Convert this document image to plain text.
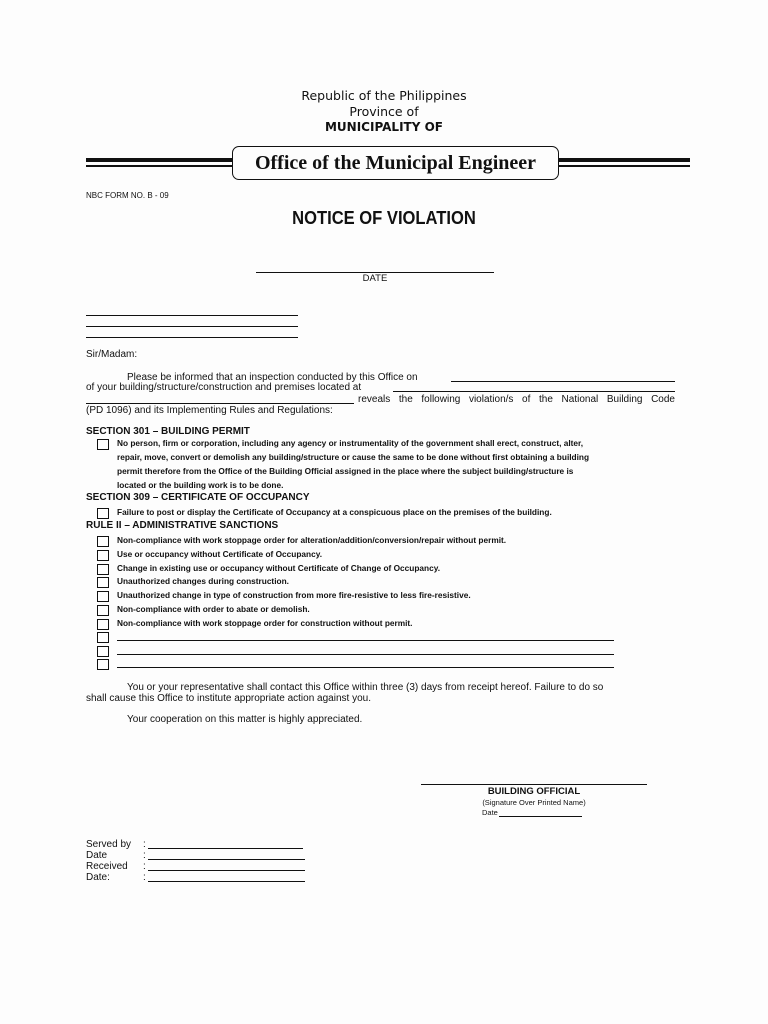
Republic of the Philippines
Province of
MUNICIPALITY OF
Office of the Municipal Engineer
NBC FORM NO. B - 09
NOTICE OF VIOLATION
DATE
Sir/Madam:
Please be informed that an inspection conducted by this Office on
of your building/structure/construction and premises located at
reveals the following violation/s of the National Building Code
(PD 1096) and its Implementing Rules and Regulations:
SECTION 301 – BUILDING PERMIT
No person, firm or corporation, including any agency or instrumentality of the government shall erect, construct, alter,
repair, move, convert or demolish any building/structure or cause the same to be done without first obtaining a building
permit therefore from the Office of the Building Official assigned in the place where the subject building/structure is
located or the building work is to be done.
SECTION 309 – CERTIFICATE OF OCCUPANCY
Failure to post or display the Certificate of Occupancy at a conspicuous place on the premises of the building.
RULE II – ADMINISTRATIVE SANCTIONS
Non-compliance with work stoppage order for alteration/addition/conversion/repair without permit.
Use or occupancy without Certificate of Occupancy.
Change in existing use or occupancy without Certificate of Change of Occupancy.
Unauthorized changes during construction.
Unauthorized change in type of construction from more fire-resistive to less fire-resistive.
Non-compliance with order to abate or demolish.
Non-compliance with work stoppage order for construction without permit.
You or your representative shall contact this Office within three (3) days from receipt hereof. Failure to do so
shall cause this Office to institute appropriate action against you.
Your cooperation on this matter is highly appreciated.
BUILDING OFFICIAL
(Signature Over Printed Name)
Date
Served by :
Date	:
Received :
Date:	:
